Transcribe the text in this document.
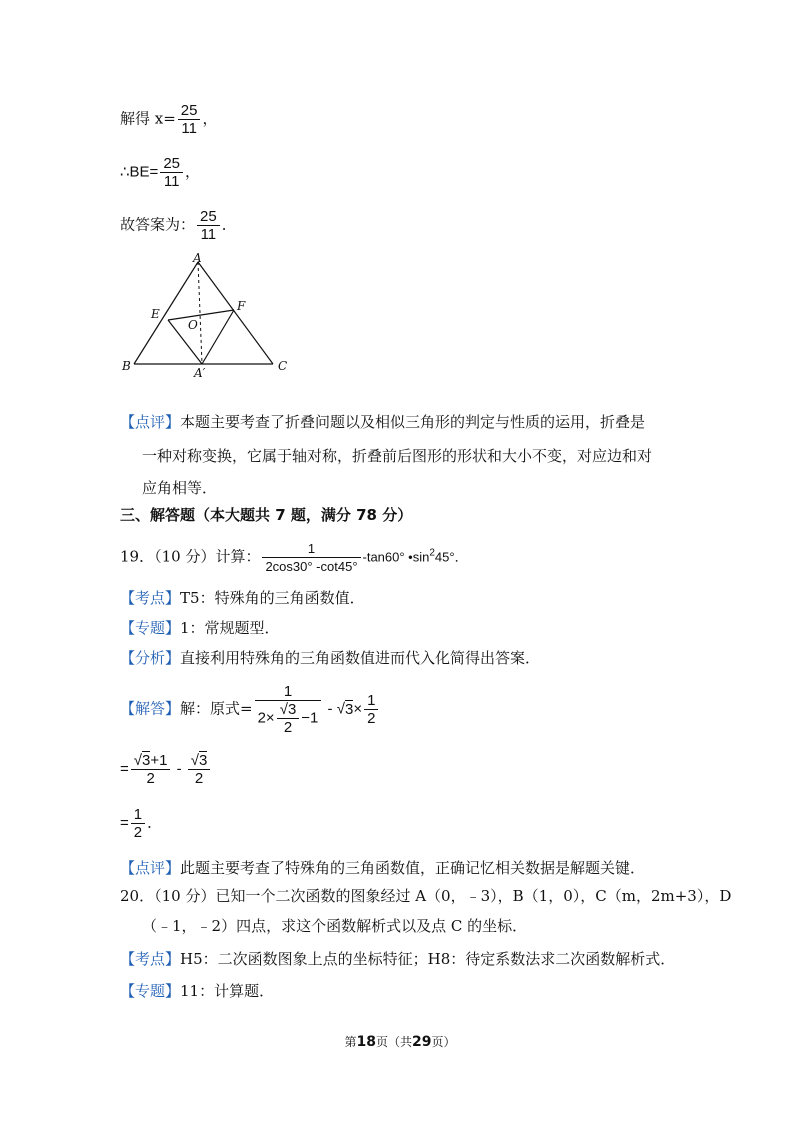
解得 $x= \frac{25}{11}$ ，
∴BE= $\frac{25}{11}$ ，
故答案为： $\frac{25}{11}$ ．
A
E
O
F
B	A′	C
【点评】本题主要考查了折叠问题以及相似三角形的判定与性质的运用，折叠是
一种对称变换，它属于轴对称，折叠前后图形的形状和大小不变，对应边和对
应角相等．
三、解答题（本大题共 7 题，满分 78 分）
19．（10 分）计算： $\frac{1}{2\cos 30^\circ -\cot 45^\circ} -\tan 60^\circ$ $•\sin^245^\circ$．
【考点】T5：特殊角的三角函数值．
【专题】1：常规题型．
【分析】直接利用特殊角的三角函数值进而代入化简得出答案．
【解答】解：原式= $\frac{1}{2\times \frac{√3}{2} -1} - √3\times \frac{1}{2}$
= $\frac{√3+1}{2} - \frac{√3}{2}$
= $\frac{1}{2}$ ．
【点评】此题主要考查了特殊角的三角函数值，正确记忆相关数据是解题关键．
20．（10 分）已知一个二次函数的图象经过 A（0，﹣3），B（1，0），C（m，2m+3），D
（﹣1，﹣2）四点，求这个函数解析式以及点 C 的坐标．
【考点】H5：二次函数图象上点的坐标特征；H8：待定系数法求二次函数解析式．
【专题】11：计算题．
第18页（共29页）
